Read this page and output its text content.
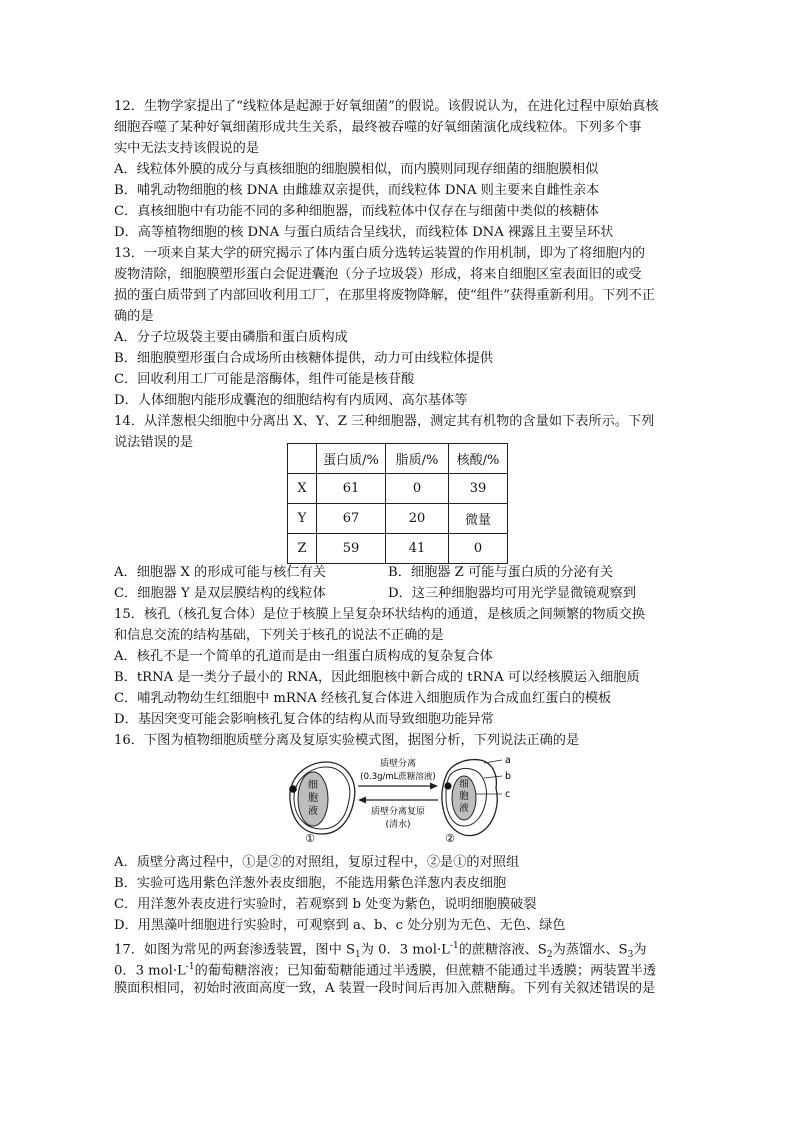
12．生物学家提出了“线粒体是起源于好氧细菌”的假说。该假说认为，在进化过程中原始真核
细胞吞噬了某种好氧细菌形成共生关系，最终被吞噬的好氧细菌演化成线粒体。下列多个事
实中无法支持该假说的是
A．线粒体外膜的成分与真核细胞的细胞膜相似，而内膜则同现存细菌的细胞膜相似
B．哺乳动物细胞的核 DNA 由雌雄双亲提供，而线粒体 DNA 则主要来自雌性亲本
C．真核细胞中有功能不同的多种细胞器，而线粒体中仅存在与细菌中类似的核糖体
D．高等植物细胞的核 DNA 与蛋白质结合呈线状，而线粒体 DNA 裸露且主要呈环状
13．一项来自某大学的研究揭示了体内蛋白质分选转运装置的作用机制，即为了将细胞内的
废物清除，细胞膜塑形蛋白会促进囊泡（分子垃圾袋）形成，将来自细胞区室表面旧的或受
损的蛋白质带到了内部回收利用工厂，在那里将废物降解，使“组件”获得重新利用。下列不正
确的是
A．分子垃圾袋主要由磷脂和蛋白质构成
B．细胞膜塑形蛋白合成场所由核糖体提供，动力可由线粒体提供
C．回收利用工厂可能是溶酶体，组件可能是核苷酸
D．人体细胞内能形成囊泡的细胞结构有内质网、高尔基体等
14．从洋葱根尖细胞中分离出 X、Y、Z 三种细胞器，测定其有机物的含量如下表所示。下列
说法错误的是
	蛋白质/%	脂质/%	核酸/%
X	61	0	39
Y	67	20	微量
Z	59	41	0
A．细胞器 X 的形成可能与核仁有关	B．细胞器 Z 可能与蛋白质的分泌有关
C．细胞器 Y 是双层膜结构的线粒体	D．这三种细胞器均可用光学显微镜观察到
15．核孔（核孔复合体）是位于核膜上呈复杂环状结构的通道，是核质之间频繁的物质交换
和信息交流的结构基础，下列关于核孔的说法不正确的是
A．核孔不是一个简单的孔道而是由一组蛋白质构成的复杂复合体
B．tRNA 是一类分子最小的 RNA，因此细胞核中新合成的 tRNA 可以经核膜运入细胞质
C．哺乳动物幼生红细胞中 mRNA 经核孔复合体进入细胞质作为合成血红蛋白的模板
D．基因突变可能会影响核孔复合体的结构从而导致细胞功能异常
16．下图为植物细胞质壁分离及复原实验模式图，据图分析，下列说法正确的是
细
胞
液
①
质壁分离
(0.3g/mL蔗糖溶液)
质壁分离复原
(清水)
细
胞
液
②
a
b
c
A．质壁分离过程中，①是②的对照组，复原过程中，②是①的对照组
B．实验可选用紫色洋葱外表皮细胞，不能选用紫色洋葱内表皮细胞
C．用洋葱外表皮进行实验时，若观察到 b 处变为紫色，说明细胞膜破裂
D．用黑藻叶细胞进行实验时，可观察到 a、b、c 处分别为无色、无色、绿色
17．如图为常见的两套渗透装置，图中 $S_1$为 0．3 $mol\cdot L^{-1}$的蔗糖溶液、$S_2$为蒸馏水、$S_3$为
0．3 $mol\cdot L^{-1}$的葡萄糖溶液；已知葡萄糖能通过半透膜，但蔗糖不能通过半透膜；两装置半透
膜面积相同，初始时液面高度一致，A 装置一段时间后再加入蔗糖酶。下列有关叙述错误的是
